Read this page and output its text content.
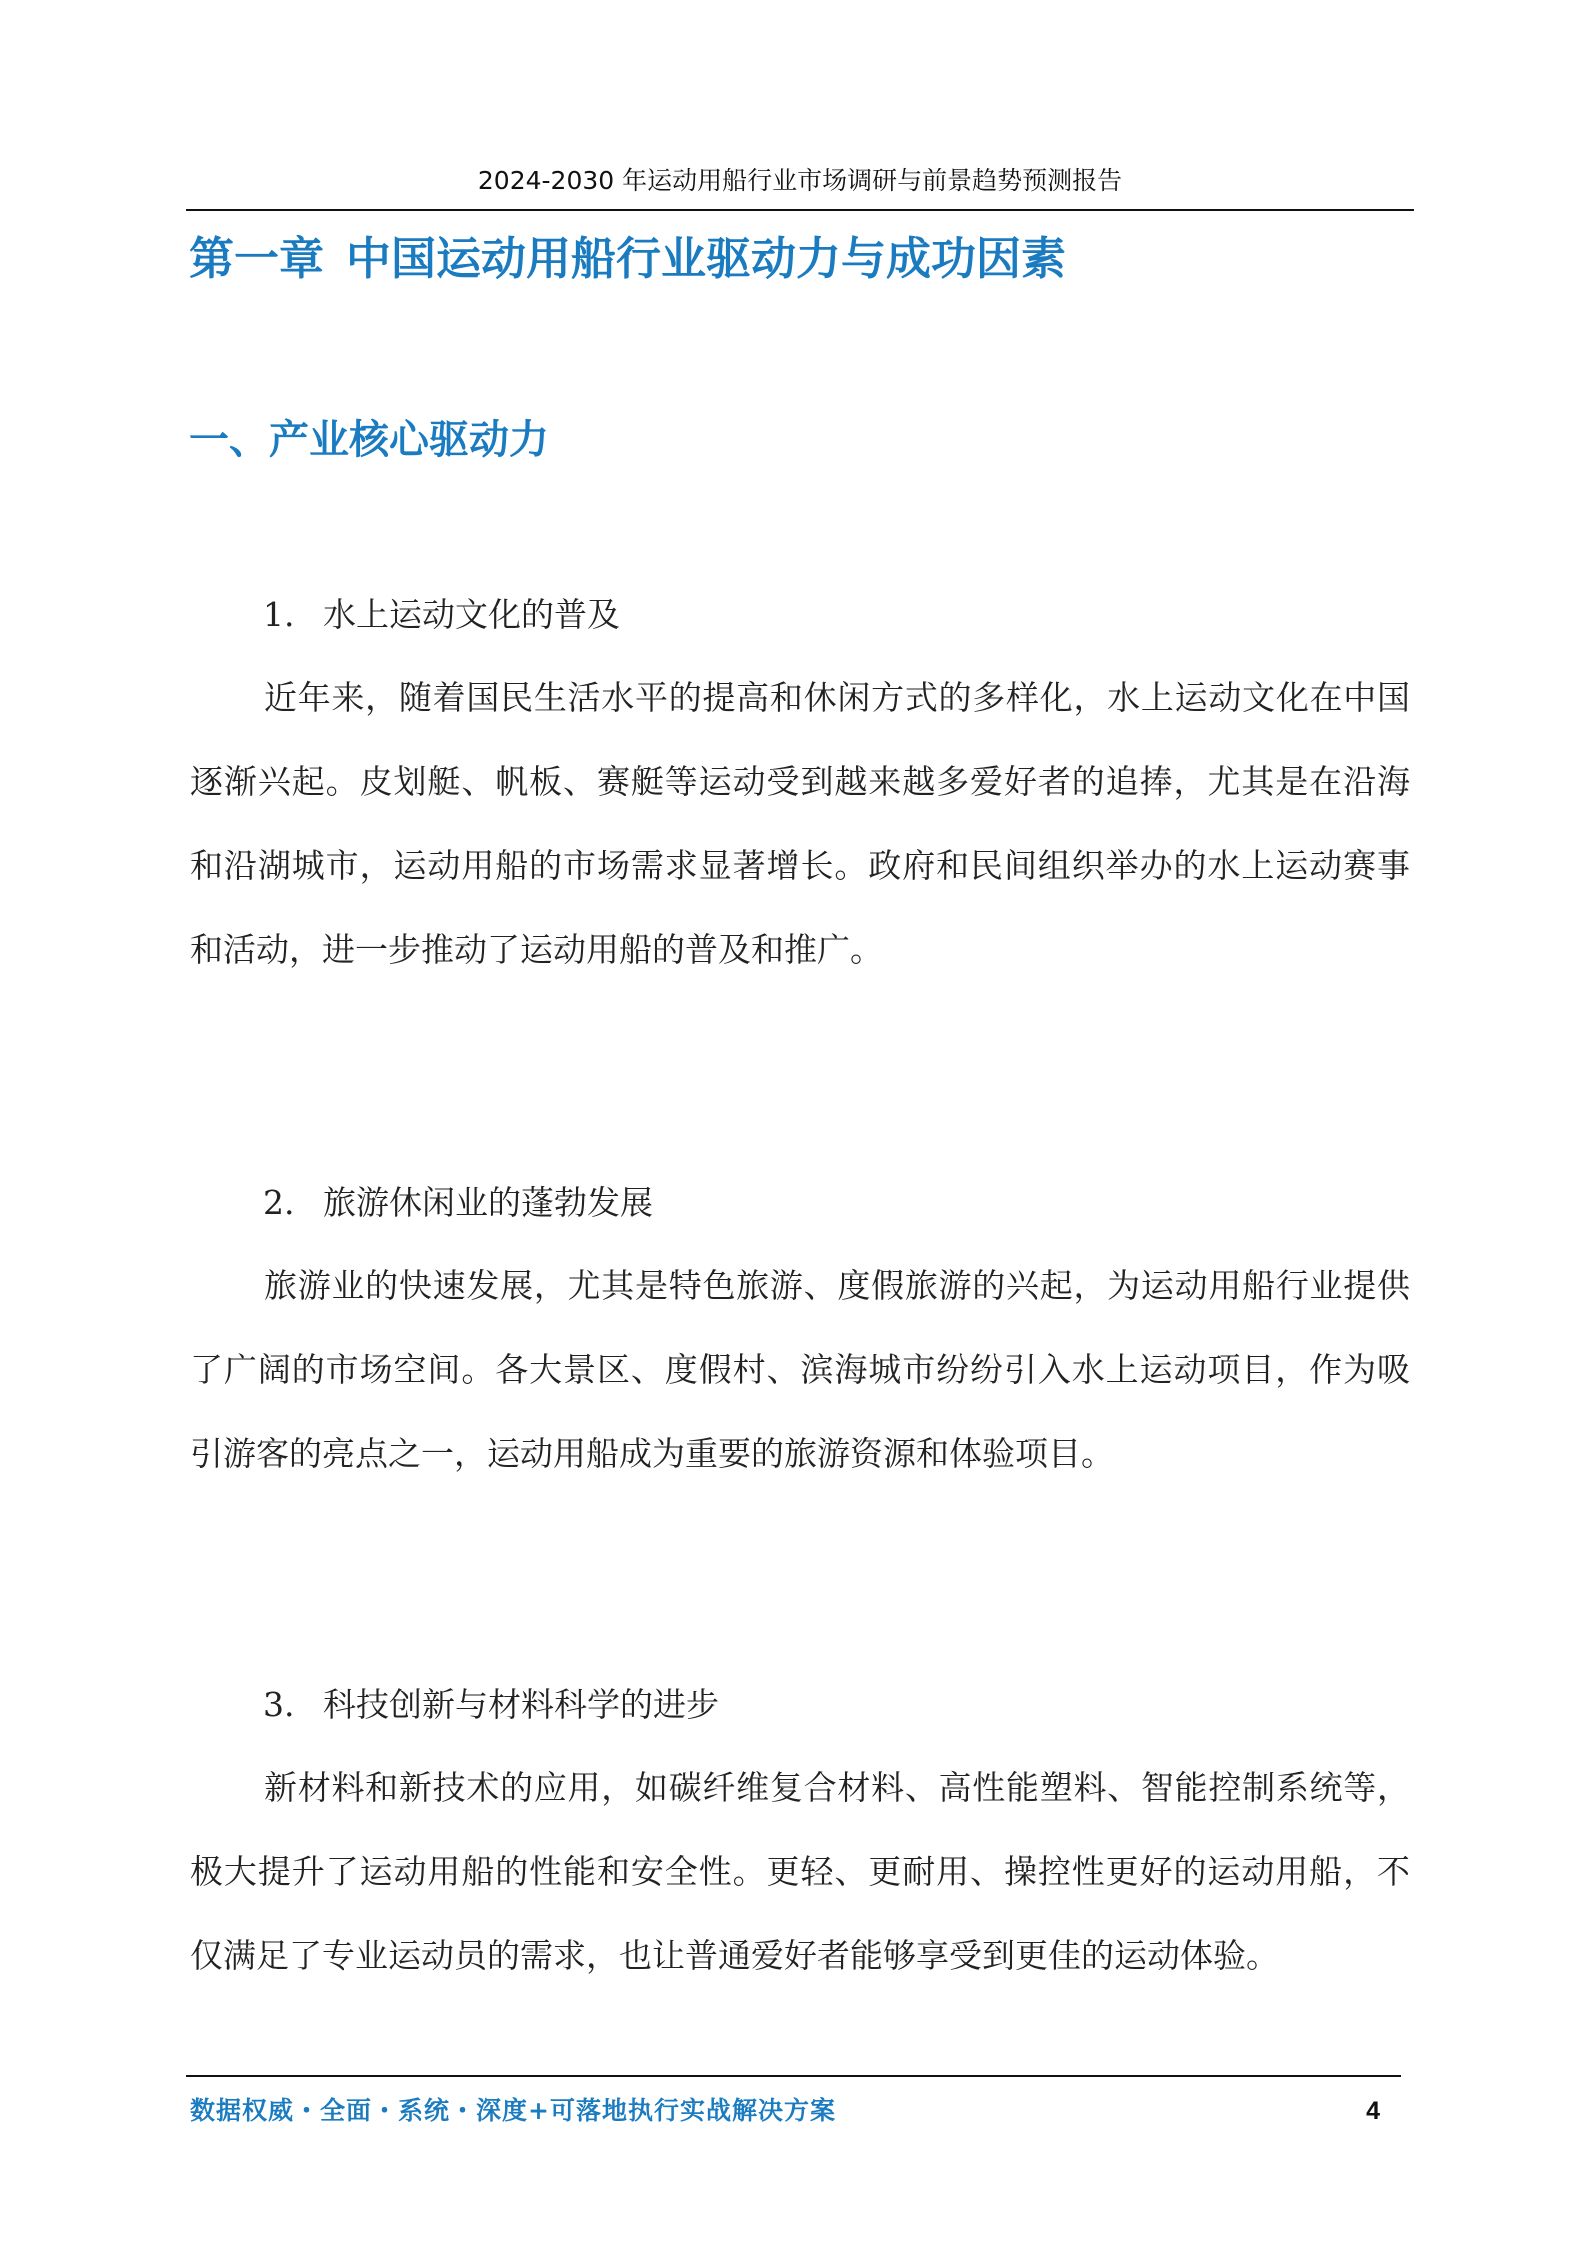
2024-2030 年运动用船行业市场调研与前景趋势预测报告
第一章 中国运动用船行业驱动力与成功因素
一、产业核心驱动力
1. 水上运动文化的普及

近年来，随着国民生活水平的提高和休闲方式的多样化，水上运动文化在中国逐渐兴起。皮划艇、帆板、赛艇等运动受到越来越多爱好者的追捧，尤其是在沿海和沿湖城市，运动用船的市场需求显著增长。政府和民间组织举办的水上运动赛事和活动，进一步推动了运动用船的普及和推广。

2. 旅游休闲业的蓬勃发展

旅游业的快速发展，尤其是特色旅游、度假旅游的兴起，为运动用船行业提供了广阔的市场空间。各大景区、度假村、滨海城市纷纷引入水上运动项目，作为吸引游客的亮点之一，运动用船成为重要的旅游资源和体验项目。

3. 科技创新与材料科学的进步

新材料和新技术的应用，如碳纤维复合材料、高性能塑料、智能控制系统等，极大提升了运动用船的性能和安全性。更轻、更耐用、操控性更好的运动用船，不仅满足了专业运动员的需求，也让普通爱好者能够享受到更佳的运动体验。

数据权威・全面・系统・深度+可落地执行实战解决方案	4
